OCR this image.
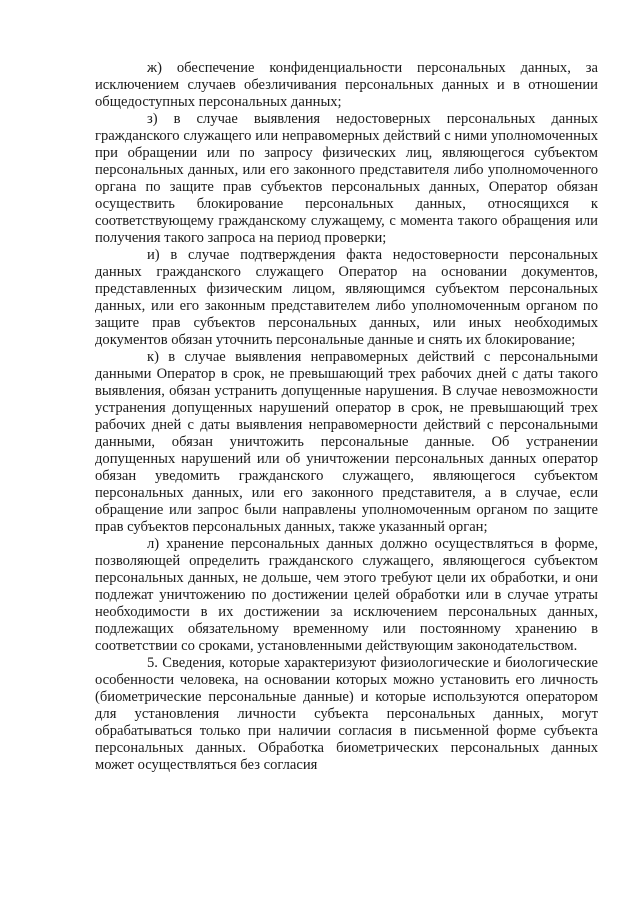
ж) обеспечение конфиденциальности персональных данных, за исключением случаев обезличивания персональных данных и в отношении общедоступных персональных данных;

з) в случае выявления недостоверных персональных данных гражданского служащего или неправомерных действий с ними уполномоченных при обращении или по запросу физических лиц, являющегося субъектом персональных данных, или его законного представителя либо уполномоченного органа по защите прав субъектов персональных данных, Оператор обязан осуществить блокирование персональных данных, относящихся к соответствующему гражданскому служащему, с момента такого обращения или получения такого запроса на период проверки;

и) в случае подтверждения факта недостоверности персональных данных гражданского служащего Оператор на основании документов, представленных физическим лицом, являющимся субъектом персональных данных, или его законным представителем либо уполномоченным органом по защите прав субъектов персональных данных, или иных необходимых документов обязан уточнить персональные данные и снять их блокирование;

к) в случае выявления неправомерных действий с персональными данными Оператор в срок, не превышающий трех рабочих дней с даты такого выявления, обязан устранить допущенные нарушения. В случае невозможности устранения допущенных нарушений оператор в срок, не превышающий трех рабочих дней с даты выявления неправомерности действий с персональными данными, обязан уничтожить персональные данные. Об устранении допущенных нарушений или об уничтожении персональных данных оператор обязан уведомить гражданского служащего, являющегося субъектом персональных данных, или его законного представителя, а в случае, если обращение или запрос были направлены уполномоченным органом по защите прав субъектов персональных данных, также указанный орган;

л) хранение персональных данных должно осуществляться в форме, позволяющей определить гражданского служащего, являющегося субъектом персональных данных, не дольше, чем этого требуют цели их обработки, и они подлежат уничтожению по достижении целей обработки или в случае утраты необходимости в их достижении за исключением персональных данных, подлежащих обязательному временному или постоянному хранению в соответствии со сроками, установленными действующим законодательством.

5. Сведения, которые характеризуют физиологические и биологические особенности человека, на основании которых можно установить его личность (биометрические персональные данные) и которые используются оператором для установления личности субъекта персональных данных, могут обрабатываться только при наличии согласия в письменной форме субъекта персональных данных. Обработка биометрических персональных данных может осуществляться без согласия
